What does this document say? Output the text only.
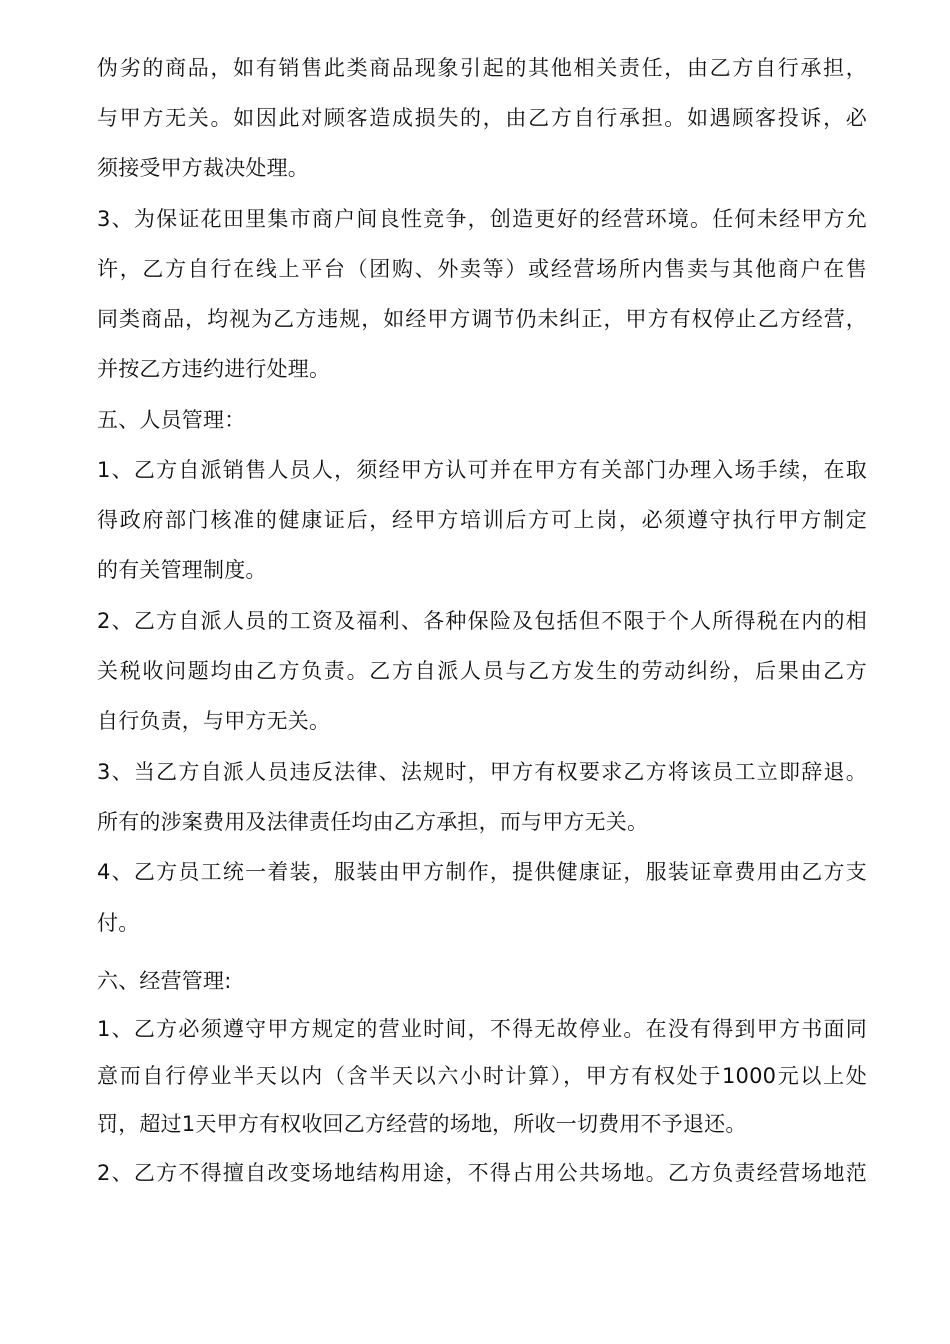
伪劣的商品，如有销售此类商品现象引起的其他相关责任，由乙方自行承担，

与甲方无关。如因此对顾客造成损失的，由乙方自行承担。如遇顾客投诉，必

须接受甲方裁决处理。

3、为保证花田里集市商户间良性竞争，创造更好的经营环境。任何未经甲方允

许，乙方自行在线上平台（团购、外卖等）或经营场所内售卖与其他商户在售

同类商品，均视为乙方违规，如经甲方调节仍未纠正，甲方有权停止乙方经营，

并按乙方违约进行处理。

五、人员管理：

1、乙方自派销售人员人，须经甲方认可并在甲方有关部门办理入场手续，在取

得政府部门核准的健康证后，经甲方培训后方可上岗，必须遵守执行甲方制定

的有关管理制度。

2、乙方自派人员的工资及福利、各种保险及包括但不限于个人所得税在内的相

关税收问题均由乙方负责。乙方自派人员与乙方发生的劳动纠纷，后果由乙方

自行负责，与甲方无关。

3、当乙方自派人员违反法律、法规时，甲方有权要求乙方将该员工立即辞退。

所有的涉案费用及法律责任均由乙方承担，而与甲方无关。

4、乙方员工统一着装，服装由甲方制作，提供健康证，服装证章费用由乙方支

付。

六、经营管理:

1、乙方必须遵守甲方规定的营业时间，不得无故停业。在没有得到甲方书面同

意而自行停业半天以内（含半天以六小时计算），甲方有权处于1000元以上处

罚，超过1天甲方有权收回乙方经营的场地，所收一切费用不予退还。

2、乙方不得擅自改变场地结构用途，不得占用公共场地。乙方负责经营场地范
